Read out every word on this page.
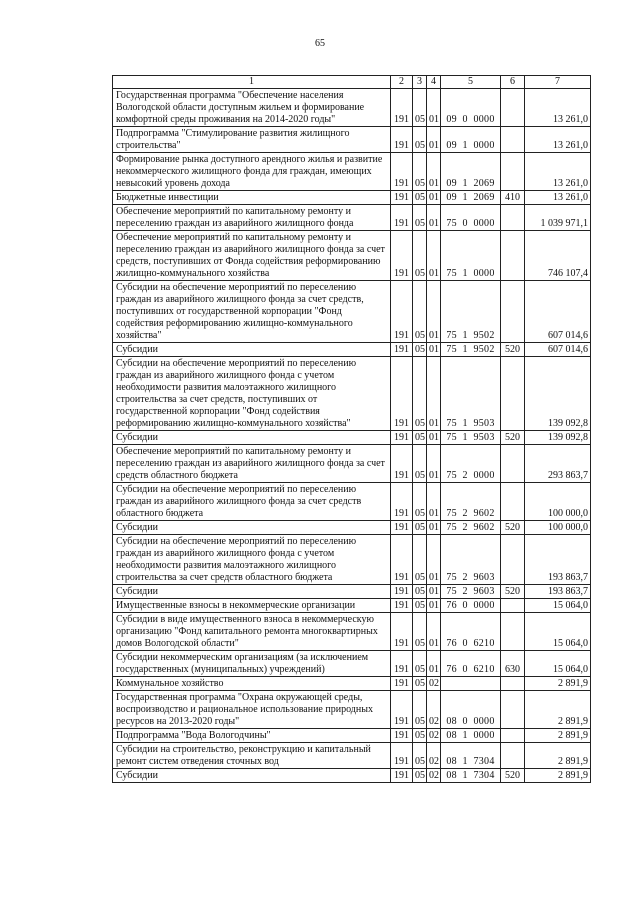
65
1	2	3	4	5	6	7
Государственная программа "Обеспечение населения Вологодской области доступным жильем и формирование комфортной среды проживания на 2014-2020 годы"	191	05	01	09  0  0000		13 261,0
Подпрограмма "Стимулирование развития жилищного строительства"	191	05	01	09  1  0000		13 261,0
Формирование рынка доступного арендного жилья и развитие некоммерческого жилищного фонда для граждан, имеющих невысокий уровень дохода	191	05	01	09  1  2069		13 261,0
Бюджетные инвестиции	191	05	01	09  1  2069	410	13 261,0
Обеспечение мероприятий по капитальному ремонту и переселению граждан из аварийного жилищного фонда	191	05	01	75  0  0000		1 039 971,1
Обеспечение мероприятий по капитальному ремонту и переселению граждан из аварийного жилищного фонда за счет средств, поступивших от Фонда содействия реформированию жилищно-коммунального хозяйства	191	05	01	75  1  0000		746 107,4
Субсидии на обеспечение мероприятий по переселению граждан из аварийного жилищного фонда за счет средств, поступивших от государственной корпорации "Фонд содействия реформированию жилищно-коммунального хозяйства"	191	05	01	75  1  9502		607 014,6
Субсидии	191	05	01	75  1  9502	520	607 014,6
Субсидии на обеспечение мероприятий по переселению граждан из аварийного жилищного фонда с учетом необходимости развития малоэтажного жилищного строительства за счет средств, поступивших от государственной корпорации "Фонд содействия реформированию жилищно-коммунального хозяйства"	191	05	01	75  1  9503		139 092,8
Субсидии	191	05	01	75  1  9503	520	139 092,8
Обеспечение мероприятий по капитальному ремонту и переселению граждан из аварийного жилищного фонда за счет средств областного бюджета	191	05	01	75  2  0000		293 863,7
Субсидии на обеспечение мероприятий по переселению граждан из аварийного жилищного фонда за счет средств областного бюджета	191	05	01	75  2  9602		100 000,0
Субсидии	191	05	01	75  2  9602	520	100 000,0
Субсидии на обеспечение мероприятий по переселению граждан из аварийного жилищного фонда с учетом необходимости развития малоэтажного жилищного строительства за счет средств областного бюджета	191	05	01	75  2  9603		193 863,7
Субсидии	191	05	01	75  2  9603	520	193 863,7
Имущественные взносы в некоммерческие организации	191	05	01	76  0  0000		15 064,0
Субсидии в виде имущественного взноса в некоммерческую организацию "Фонд капитального ремонта многоквартирных домов Вологодской области"	191	05	01	76  0  6210		15 064,0
Субсидии некоммерческим организациям (за исключением государственных (муниципальных) учреждений)	191	05	01	76  0  6210	630	15 064,0
Коммунальное хозяйство	191	05	02			2 891,9
Государственная программа "Охрана окружающей среды, воспроизводство и рациональное использование природных ресурсов на 2013-2020 годы"	191	05	02	08  0  0000		2 891,9
Подпрограмма "Вода Вологодчины"	191	05	02	08  1  0000		2 891,9
Субсидии на строительство, реконструкцию и капитальный ремонт систем отведения сточных вод	191	05	02	08  1  7304		2 891,9
Субсидии	191	05	02	08  1  7304	520	2 891,9
